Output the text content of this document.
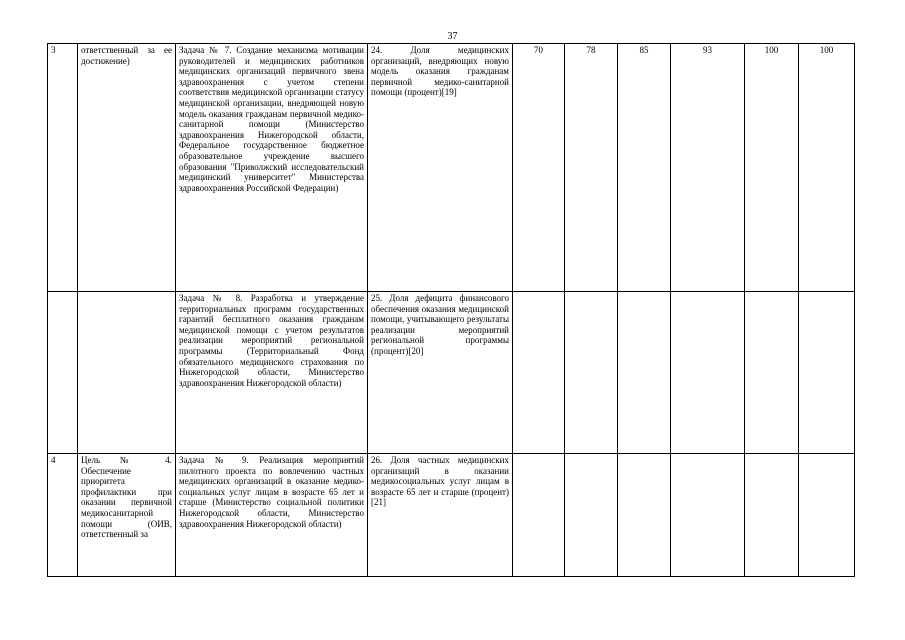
37
3	ответственный за ее достижение)	Задача № 7. Создание механизма мотивации руководителей и медицинских работников медицинских организаций первичного звена здравоохранения с учетом степени соответствия медицинской организации статусу медицинской организации, внедряющей новую модель оказания гражданам первичной медико-санитарной помощи (Министерство здравоохранения Нижегородской области, Федеральное государственное бюджетное образовательное учреждение высшего образования "Приволжский исследовательский медицинский университет" Министерства здравоохранения Российской Федерации)	24. Доля медицинских организаций, внедряющих новую модель оказания гражданам первичной медико-санитарной помощи (процент)[19]	70	78	85	93	100	100
		Задача № 8. Разработка и утверждение территориальных программ государственных гарантий бесплатного оказания гражданам медицинской помощи с учетом результатов реализации мероприятий региональной программы (Территориальный Фонд обязательного медицинского страхования по Нижегородской области, Министерство здравоохранения Нижегородской области)	25. Доля дефицита финансового обеспечения оказания медицинской помощи, учитывающего результаты реализации мероприятий региональной программы (процент)[20]						
4	Цель № 4. Обеспечение приоритета профилактики при оказании первичной медикосанитарной помощи (ОИВ, ответственный за	Задача № 9. Реализация мероприятий пилотного проекта по вовлечению частных медицинских организаций в оказание медико-социальных услуг лицам в возрасте 65 лет и старше (Министерство социальной политики Нижегородской области, Министерство здравоохранения Нижегородской области)	26. Доля частных медицинских организаций в оказании медикосоциальных услуг лицам в возрасте 65 лет и старше (процент)[21]						
